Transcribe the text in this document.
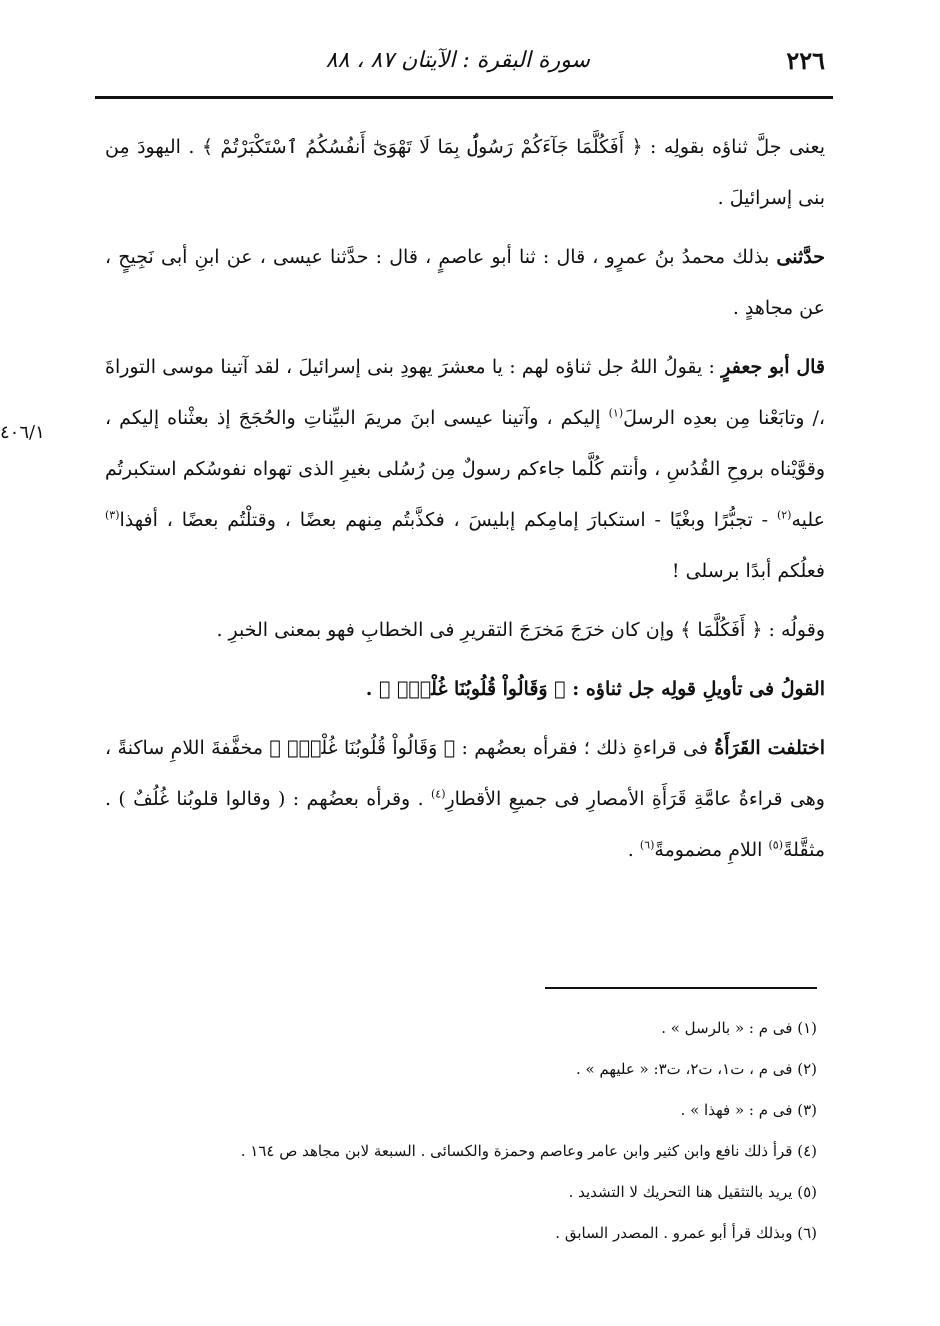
٢٢٦
سورة البقرة : الآيتان ٨٧ ، ٨٨
٤٠٦/١

يعنى جلَّ ثناؤه بقولِه : ﴿ أَفَكُلَّمَا جَآءَكُمْ رَسُولٌۢ بِمَا لَا تَهْوَىٰٓ أَنفُسُكُمُ ٱسْتَكْبَرْتُمْ ﴾ . اليهودَ مِن بنى إسرائيلَ .

حدَّثنى بذلك محمدُ بنُ عمرٍو ، قال : ثنا أبو عاصمٍ ، قال : حدَّثنا عيسى ، عن ابنِ أبى نَجِيحٍ ، عن مجاهدٍ .

قال أبو جعفرٍ : يقولُ اللهُ جل ثناؤه لهم : يا معشرَ يهودِ بنى إسرائيلَ ، لقد آتينا موسى التوراةَ ،/ وتابَعْنا مِن بعدِه الرسلَ$^{(١)}$ إليكم ، وآتينا عيسى ابنَ مريمَ البيِّناتِ والحُجَجَ إذ بعثْناه إليكم ، وقوَّيْناه بروحِ القُدُسِ ، وأنتم كُلَّما جاءكم رسولٌ مِن رُسُلى بغيرِ الذى تهواه نفوسُكم استكبرتُم عليه$^{(٢)}$ - تجبُّرًا وبغْيًا - استكبارَ إمامِكم إبليسَ ، فكذَّبتُم مِنهم بعضًا ، وقتلْتُم بعضًا ، أفهذا$^{(٣)}$ فعلُكم أبدًا برسلى !

وقولُه : ﴿ أَفَكُلَّمَا ﴾ وإن كان خرَجَ مَخرَجَ التقريرِ فى الخطابِ فهو بمعنى الخبرِ .

القولُ فى تأويلِ قولِه جل ثناؤه : ﴿ وَقَالُواْ قُلُوبُنَا غُلْفٌۢ ﴾ .

اختلفت القَرَأَةُ فى قراءةِ ذلك ؛ فقرأه بعضُهم : ﴿ وَقَالُواْ قُلُوبُنَا غُلْفٌۢ ﴾ مخفَّفةَ اللامِ ساكنةً ، وهى قراءةُ عامَّةِ قَرَأَةِ الأمصارِ فى جميعِ الأقطارِ$^{(٤)}$ . وقرأه بعضُهم : ( وقالوا قلوبُنا غُلُفٌ ) . مثقَّلةً$^{(٥)}$ اللامِ مضمومةً$^{(٦)}$ .

(١) فى م : « بالرسل » .
(٢) فى م ، ت١، ت٢، ت٣: « عليهم » .
(٣) فى م : « فهذا » .
(٤) قرأ ذلك نافع وابن كثير وابن عامر وعاصم وحمزة والكسائى . السبعة لابن مجاهد ص ١٦٤ .
(٥) يريد بالتثقيل هنا التحريك لا التشديد .
(٦) وبذلك قرأ أبو عمرو . المصدر السابق .
